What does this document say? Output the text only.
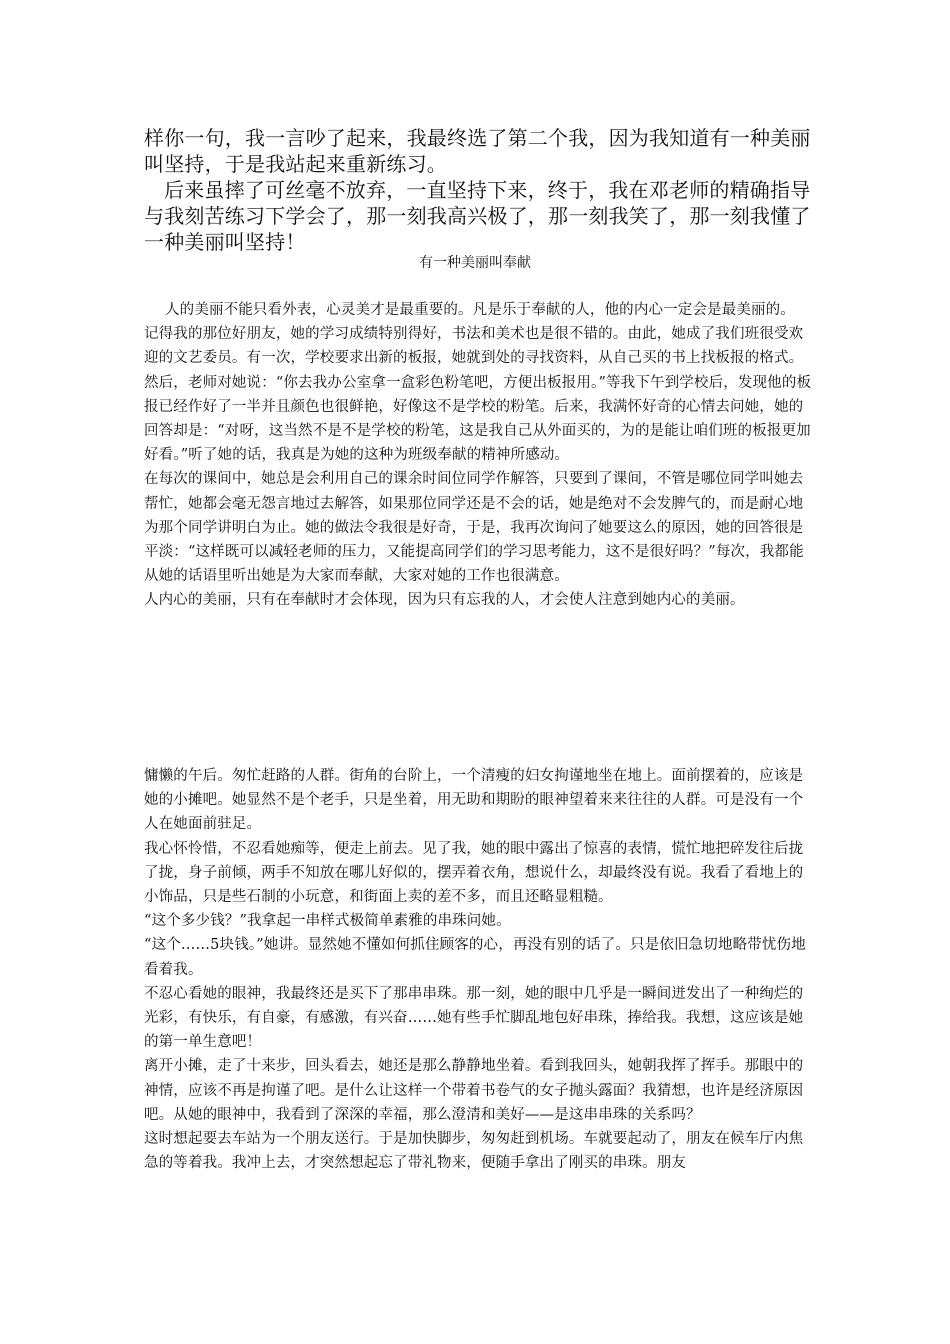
样你一句，我一言吵了起来，我最终选了第二个我，因为我知道有一种美丽叫坚持，于是我站起来重新练习。

后来虽摔了可丝毫不放弃，一直坚持下来，终于，我在邓老师的精确指导与我刻苦练习下学会了，那一刻我高兴极了，那一刻我笑了，那一刻我懂了一种美丽叫坚持！

有一种美丽叫奉献

人的美丽不能只看外表，心灵美才是最重要的。凡是乐于奉献的人，他的内心一定会是最美丽的。

记得我的那位好朋友，她的学习成绩特别得好，书法和美术也是很不错的。由此，她成了我们班很受欢迎的文艺委员。有一次，学校要求出新的板报，她就到处的寻找资料，从自己买的书上找板报的格式。然后，老师对她说：“你去我办公室拿一盒彩色粉笔吧，方便出板报用。”等我下午到学校后，发现他的板报已经作好了一半并且颜色也很鲜艳，好像这不是学校的粉笔。后来，我满怀好奇的心情去问她，她的回答却是：“对呀，这当然不是不是学校的粉笔，这是我自己从外面买的，为的是能让咱们班的板报更加好看。”听了她的话，我真是为她的这种为班级奉献的精神所感动。

在每次的课间中，她总是会利用自己的课余时间位同学作解答，只要到了课间，不管是哪位同学叫她去帮忙，她都会毫无怨言地过去解答，如果那位同学还是不会的话，她是绝对不会发脾气的，而是耐心地为那个同学讲明白为止。她的做法令我很是好奇，于是，我再次询问了她要这么的原因，她的回答很是平淡：“这样既可以减轻老师的压力，又能提高同学们的学习思考能力，这不是很好吗？”每次，我都能从她的话语里听出她是为大家而奉献，大家对她的工作也很满意。

人内心的美丽，只有在奉献时才会体现，因为只有忘我的人，才会使人注意到她内心的美丽。

慵懒的午后。匆忙赶路的人群。街角的台阶上，一个清瘦的妇女拘谨地坐在地上。面前摆着的，应该是她的小摊吧。她显然不是个老手，只是坐着，用无助和期盼的眼神望着来来往往的人群。可是没有一个人在她面前驻足。

我心怀怜惜，不忍看她痴等，便走上前去。见了我，她的眼中露出了惊喜的表情，慌忙地把碎发往后拢了拢，身子前倾，两手不知放在哪儿好似的，摆弄着衣角，想说什么，却最终没有说。我看了看地上的小饰品，只是些石制的小玩意，和街面上卖的差不多，而且还略显粗糙。

“这个多少钱？”我拿起一串样式极简单素雅的串珠问她。

“这个……5块钱。”她讲。显然她不懂如何抓住顾客的心，再没有别的话了。只是依旧急切地略带忧伤地看着我。

不忍心看她的眼神，我最终还是买下了那串串珠。那一刻，她的眼中几乎是一瞬间迸发出了一种绚烂的光彩，有快乐，有自豪，有感激，有兴奋……她有些手忙脚乱地包好串珠，捧给我。我想，这应该是她的第一单生意吧！

离开小摊，走了十来步，回头看去，她还是那么静静地坐着。看到我回头，她朝我挥了挥手。那眼中的神情，应该不再是拘谨了吧。是什么让这样一个带着书卷气的女子抛头露面？我猜想，也许是经济原因吧。从她的眼神中，我看到了深深的幸福，那么澄清和美好——是这串串珠的关系吗？

这时想起要去车站为一个朋友送行。于是加快脚步，匆匆赶到机场。车就要起动了，朋友在候车厅内焦急的等着我。我冲上去，才突然想起忘了带礼物来，便随手拿出了刚买的串珠。朋友
